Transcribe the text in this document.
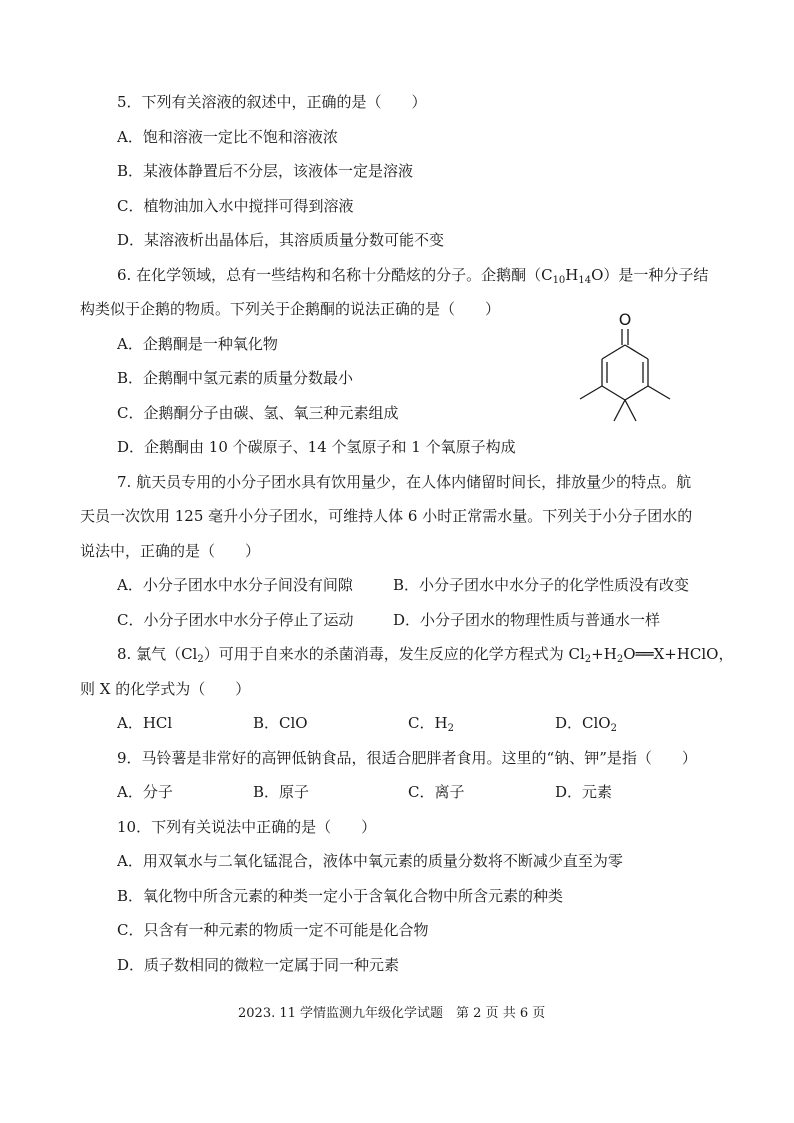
5．下列有关溶液的叙述中，正确的是（　　）
A．饱和溶液一定比不饱和溶液浓
B．某液体静置后不分层，该液体一定是溶液
C．植物油加入水中搅拌可得到溶液
D．某溶液析出晶体后，其溶质质量分数可能不变
6. 在化学领域，总有一些结构和名称十分酷炫的分子。企鹅酮$(C_{10}H_{14}O)$是一种分子结
构类似于企鹅的物质。下列关于企鹅酮的说法正确的是（　　）
A．企鹅酮是一种氧化物
B．企鹅酮中氢元素的质量分数最小
C．企鹅酮分子由碳、氢、氧三种元素组成
D．企鹅酮由 10 个碳原子、14 个氢原子和 1 个氧原子构成
O
7. 航天员专用的小分子团水具有饮用量少，在人体内储留时间长，排放量少的特点。航
天员一次饮用 125 毫升小分子团水，可维持人体 6 小时正常需水量。下列关于小分子团水的
说法中，正确的是（　　）
A．小分子团水中水分子间没有间隙	B．小分子团水中水分子的化学性质没有改变
C．小分子团水中水分子停止了运动	D．小分子团水的物理性质与普通水一样
8. 氯气$(Cl_2)$可用于自来水的杀菌消毒，发生反应的化学方程式为 $Cl_2+H_2O══X+HClO$，
则 X 的化学式为（　　）
A．HCl	B．ClO	C．$H_2$	D．ClO$_2$
9．马铃薯是非常好的高钾低钠食品，很适合肥胖者食用。这里的“钠、钾”是指（　　）
A．分子	B．原子	C．离子	D．元素
10．下列有关说法中正确的是（　　）
A．用双氧水与二氧化锰混合，液体中氧元素的质量分数将不断减少直至为零
B．氧化物中所含元素的种类一定小于含氧化合物中所含元素的种类
C．只含有一种元素的物质一定不可能是化合物
D．质子数相同的微粒一定属于同一种元素
2023. 11 学情监测九年级化学试题　第 2 页 共 6 页
